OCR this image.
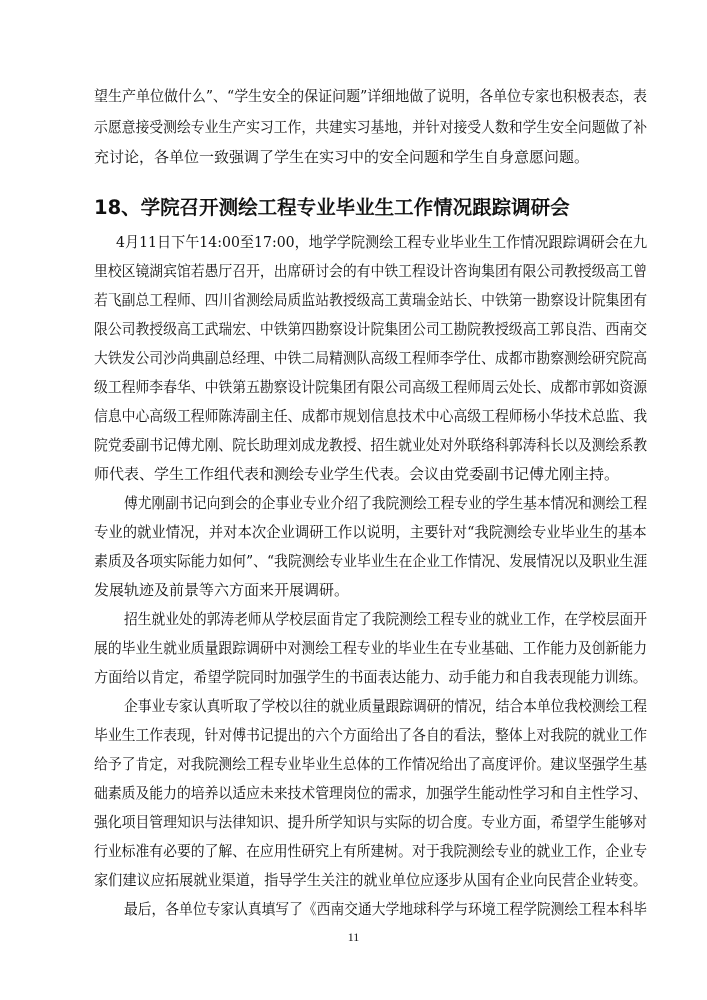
望生产单位做什么”、“学生安全的保证问题”详细地做了说明，各单位专家也积极表态，表
示愿意接受测绘专业生产实习工作，共建实习基地，并针对接受人数和学生安全问题做了补
充讨论，各单位一致强调了学生在实习中的安全问题和学生自身意愿问题。
18、学院召开测绘工程专业毕业生工作情况跟踪调研会
4月11日下午14:00至17:00，地学学院测绘工程专业毕业生工作情况跟踪调研会在九
里校区镜湖宾馆若愚厅召开，出席研讨会的有中铁工程设计咨询集团有限公司教授级高工曾
若飞副总工程师、四川省测绘局质监站教授级高工黄瑞金站长、中铁第一勘察设计院集团有
限公司教授级高工武瑞宏、中铁第四勘察设计院集团公司工勘院教授级高工郭良浩、西南交
大铁发公司沙尚典副总经理、中铁二局精测队高级工程师李学仕、成都市勘察测绘研究院高
级工程师李春华、中铁第五勘察设计院集团有限公司高级工程师周云处长、成都市郭如资源
信息中心高级工程师陈涛副主任、成都市规划信息技术中心高级工程师杨小华技术总监、我
院党委副书记傅尤刚、院长助理刘成龙教授、招生就业处对外联络科郭涛科长以及测绘系教
师代表、学生工作组代表和测绘专业学生代表。会议由党委副书记傅尤刚主持。
傅尤刚副书记向到会的企事业专业介绍了我院测绘工程专业的学生基本情况和测绘工程
专业的就业情况，并对本次企业调研工作以说明，主要针对“我院测绘专业毕业生的基本
素质及各项实际能力如何”、“我院测绘专业毕业生在企业工作情况、发展情况以及职业生涯
发展轨迹及前景等六方面来开展调研。
招生就业处的郭涛老师从学校层面肯定了我院测绘工程专业的就业工作，在学校层面开
展的毕业生就业质量跟踪调研中对测绘工程专业的毕业生在专业基础、工作能力及创新能力
方面给以肯定，希望学院同时加强学生的书面表达能力、动手能力和自我表现能力训练。
企事业专家认真听取了学校以往的就业质量跟踪调研的情况，结合本单位我校测绘工程
毕业生工作表现，针对傅书记提出的六个方面给出了各自的看法，整体上对我院的就业工作
给予了肯定，对我院测绘工程专业毕业生总体的工作情况给出了高度评价。建议坚强学生基
础素质及能力的培养以适应未来技术管理岗位的需求，加强学生能动性学习和自主性学习、
强化项目管理知识与法律知识、提升所学知识与实际的切合度。专业方面，希望学生能够对
行业标准有必要的了解、在应用性研究上有所建树。对于我院测绘专业的就业工作，企业专
家们建议应拓展就业渠道，指导学生关注的就业单位应逐步从国有企业向民营企业转变。
最后，各单位专家认真填写了《西南交通大学地球科学与环境工程学院测绘工程本科毕
11
